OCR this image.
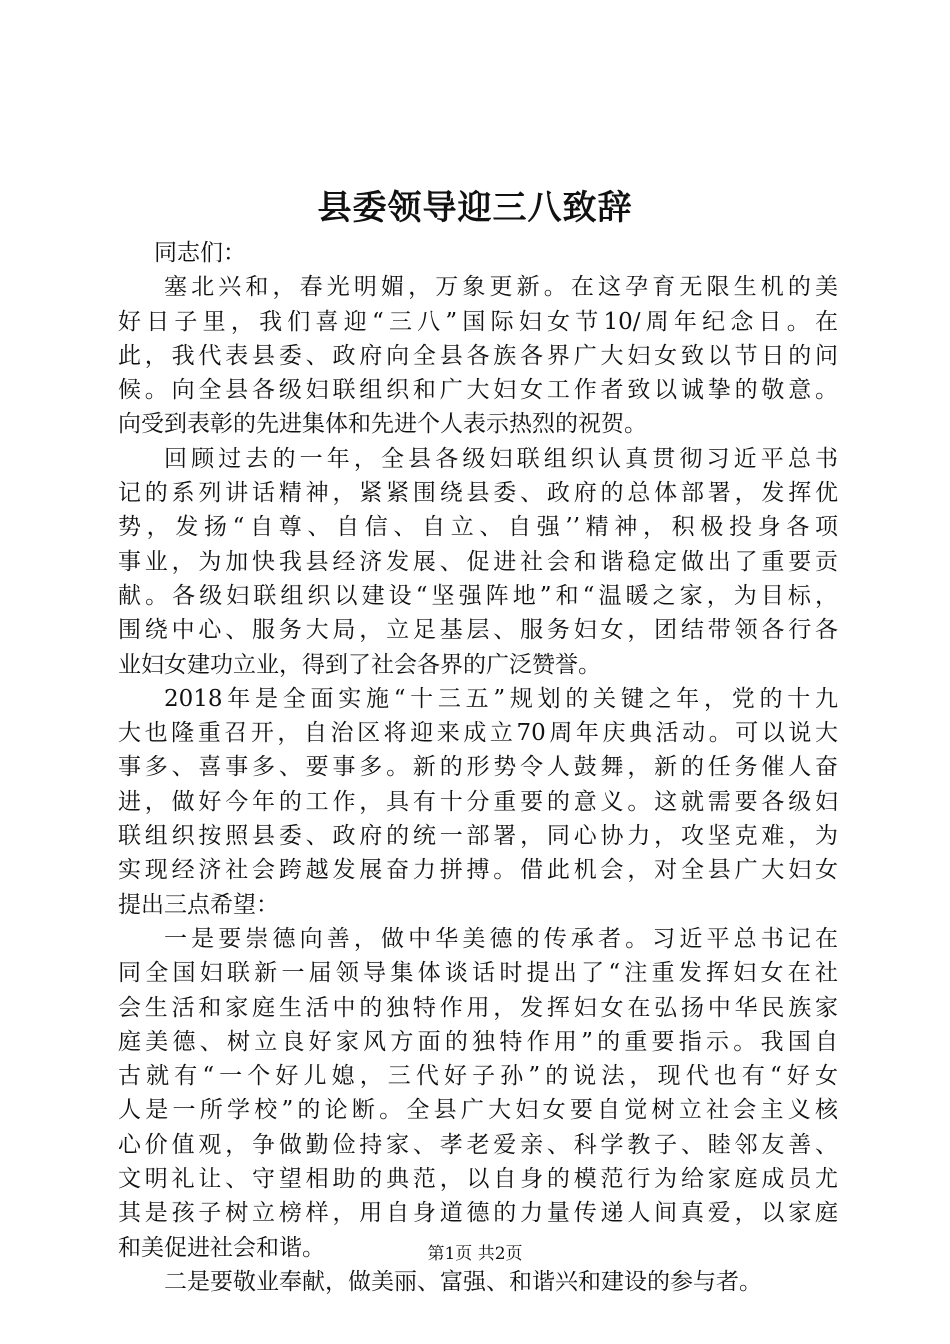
县委领导迎三八致辞
同志们：
塞北兴和，春光明媚，万象更新。在这孕育无限生机的美
好日子里，我们喜迎“三八”国际妇女节10/周年纪念日。在
此，我代表县委、政府向全县各族各界广大妇女致以节日的问
候。向全县各级妇联组织和广大妇女工作者致以诚挚的敬意。
向受到表彰的先进集体和先进个人表示热烈的祝贺。
回顾过去的一年，全县各级妇联组织认真贯彻习近平总书
记的系列讲话精神，紧紧围绕县委、政府的总体部署，发挥优
势，发扬“自尊、自信、自立、自强’’精神，积极投身各项
事业，为加快我县经济发展、促进社会和谐稳定做出了重要贡
献。各级妇联组织以建设“坚强阵地”和“温暖之家，为目标，
围绕中心、服务大局，立足基层、服务妇女，团结带领各行各
业妇女建功立业，得到了社会各界的广泛赞誉。
2018年是全面实施“十三五”规划的关键之年，党的十九
大也隆重召开，自治区将迎来成立70周年庆典活动。可以说大
事多、喜事多、要事多。新的形势令人鼓舞，新的任务催人奋
进，做好今年的工作，具有十分重要的意义。这就需要各级妇
联组织按照县委、政府的统一部署，同心协力，攻坚克难，为
实现经济社会跨越发展奋力拼搏。借此机会，对全县广大妇女
提出三点希望：
一是要崇德向善，做中华美德的传承者。习近平总书记在
同全国妇联新一届领导集体谈话时提出了“注重发挥妇女在社
会生活和家庭生活中的独特作用，发挥妇女在弘扬中华民族家
庭美德、树立良好家风方面的独特作用”的重要指示。我国自
古就有“一个好儿媳，三代好子孙”的说法，现代也有“好女
人是一所学校”的论断。全县广大妇女要自觉树立社会主义核
心价值观，争做勤俭持家、孝老爱亲、科学教子、睦邻友善、
文明礼让、守望相助的典范，以自身的模范行为给家庭成员尤
其是孩子树立榜样，用自身道德的力量传递人间真爱，以家庭
和美促进社会和谐。
二是要敬业奉献，做美丽、富强、和谐兴和建设的参与者。
第1页 共2页
